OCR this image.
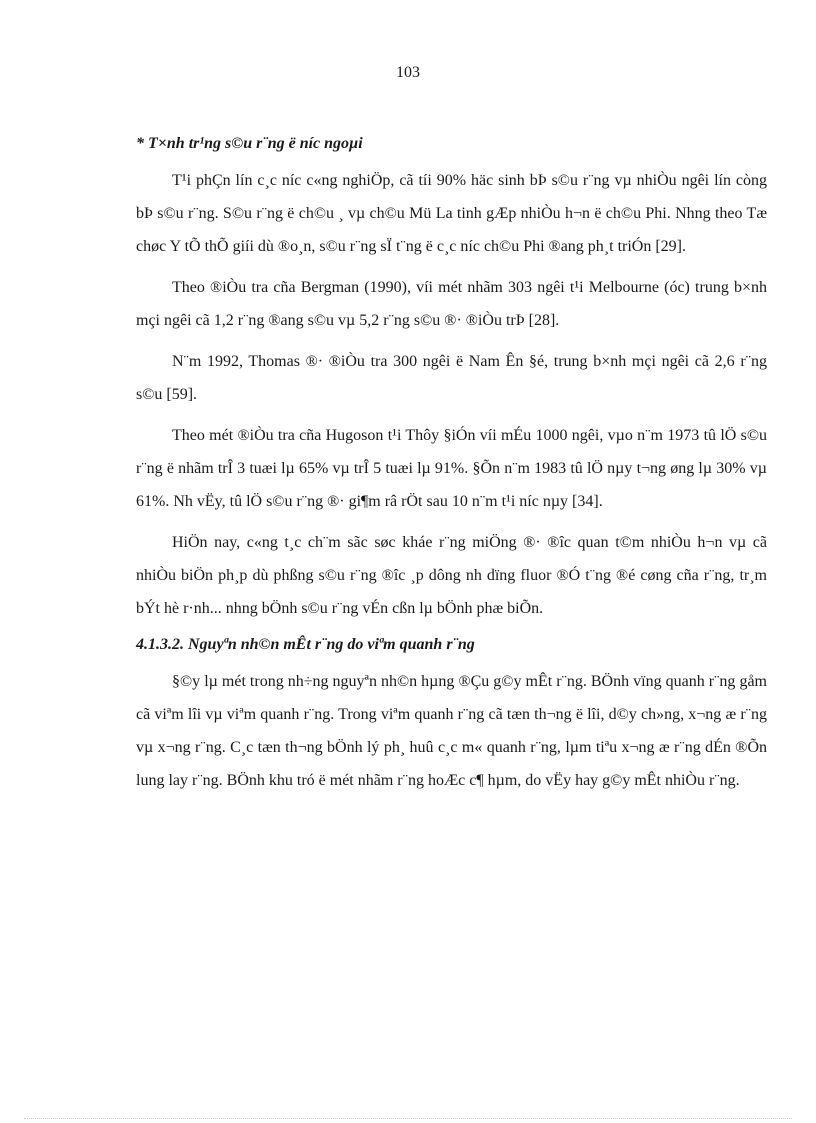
103

* T×nh tr¹ng s©u r¨ng ë níc ngoµi

T¹i phÇn lín c¸c níc c«ng nghiÖp, cã tíi 90% häc sinh bÞ s©u r¨ng vµ nhiÒu ngêi lín còng bÞ s©u r¨ng. S©u r¨ng ë ch©u ¸ vµ ch©u Mü La tinh gÆp nhiÒu h¬n ë ch©u Phi. Nhng theo Tæ chøc Y tÕ thÕ giíi dù ®o¸n, s©u r¨ng sÏ t¨ng ë c¸c níc ch©u Phi ®ang ph¸t triÓn [29].

Theo ®iÒu tra cña Bergman (1990), víi mét nhãm 303 ngêi t¹i Melbourne (óc) trung b×nh mçi ngêi cã 1,2 r¨ng ®ang s©u vµ 5,2 r¨ng s©u ®· ®iÒu trÞ [28].

N¨m 1992, Thomas ®· ®iÒu tra 300 ngêi ë Nam Ên §é, trung b×nh mçi ngêi cã 2,6 r¨ng s©u [59].

Theo mét ®iÒu tra cña Hugoson t¹i Thôy §iÓn víi mÉu 1000 ngêi, vµo n¨m 1973 tû lÖ s©u r¨ng ë nhãm trÎ 3 tuæi lµ 65% vµ trÎ 5 tuæi lµ 91%. §Õn n¨m 1983 tû lÖ nµy t¬ng øng lµ 30% vµ 61%. Nh vËy, tû lÖ s©u r¨ng ®· gi¶m râ rÖt sau 10 n¨m t¹i níc nµy [34].

HiÖn nay, c«ng t¸c ch¨m sãc søc kháe r¨ng miÖng ®· ®îc quan t©m nhiÒu h¬n vµ cã nhiÒu biÖn ph¸p dù phßng s©u r¨ng ®îc ¸p dông nh dïng fluor ®Ó t¨ng ®é cøng cña r¨ng, tr¸m bÝt hè r·nh... nhng bÖnh s©u r¨ng vÉn cßn lµ bÖnh phæ biÕn.

4.1.3.2. Nguyªn nh©n mÊt r¨ng do viªm quanh r¨ng

§©y lµ mét trong nh÷ng nguyªn nh©n hµng ®Çu g©y mÊt r¨ng. BÖnh vïng quanh r¨ng gåm cã viªm lîi vµ viªm quanh r¨ng. Trong viªm quanh r¨ng cã tæn th¬ng ë lîi, d©y ch»ng, x¬ng æ r¨ng vµ x¬ng r¨ng. C¸c tæn th¬ng bÖnh lý ph¸ huû c¸c m« quanh r¨ng, lµm tiªu x¬ng æ r¨ng dÉn ®Õn lung lay r¨ng. BÖnh khu tró ë mét nhãm r¨ng hoÆc c¶ hµm, do vËy hay g©y mÊt nhiÒu r¨ng.
